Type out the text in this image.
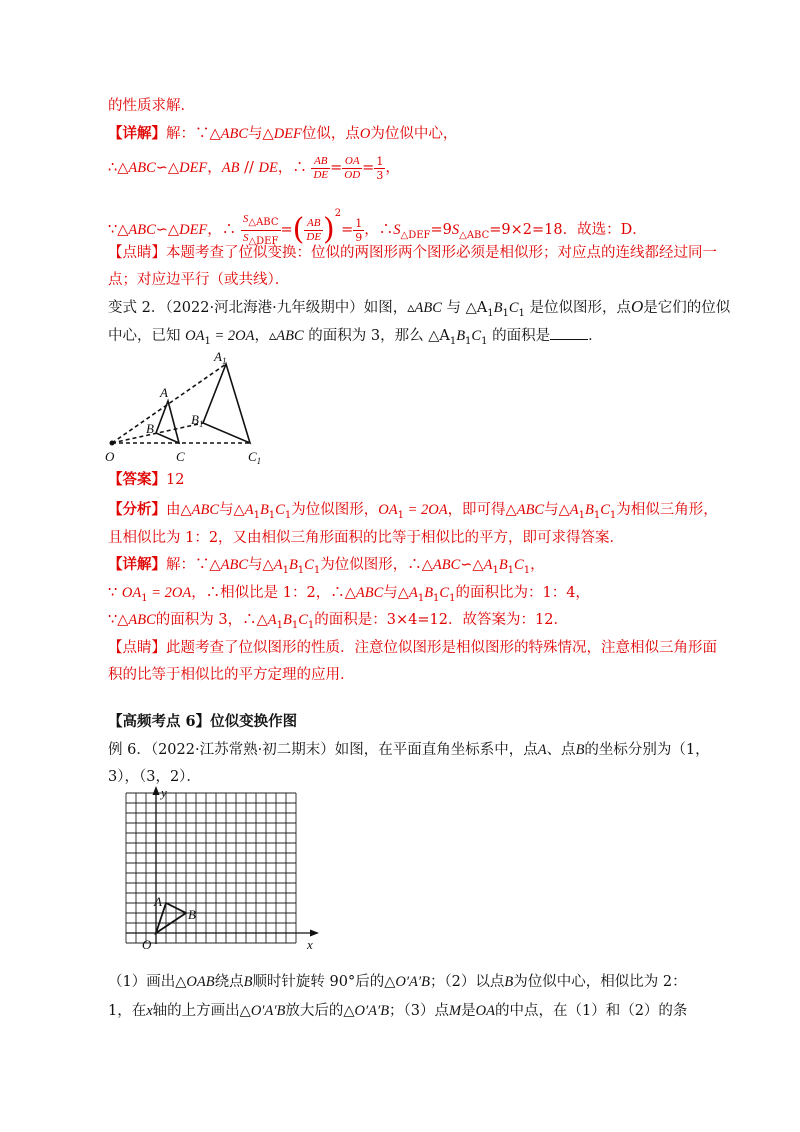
的性质求解．
【详解】解：∵△ABC与△DEF位似，点O为位似中心，
∴△ABC∽△DEF，AB // DE，∴ $\frac{AB}{DE} = \frac{OA}{OD} = \frac{1}{3}$ ，
∵△ABC∽△DEF，∴ $\frac{S_{\triangle ABC}}{S_{\triangle DEF}}$ =( $\frac{AB}{DE} )^2= \frac{1}{9}$ ，$\therefore S_{\triangle DEF}=9S_{\triangle ABC}=9\times 2=18$．故选：D．
【点睛】本题考查了位似变换：位似的两图形两个图形必须是相似形；对应点的连线都经过同一
点；对应边平行（或共线）．
变式 2．（2022·河北海港·九年级期中）如图，▵ABC 与 $\triangle A_1B_1C_1$ 是位似图形，点O是它们的位似
中心，已知 $OA_1 = 2OA$，▵ABC 的面积为 3，那么 $\triangle A_1B_1C_1$ 的面积是	．
$A_1$
A
B
$B_1$
O	C	$C_1$
【答案】12
【分析】由△ABC与$\triangle A_1B_1C_1$为位似图形，$OA_1 = 2OA$，即可得△ABC与$\triangle A_1B_1C_1$为相似三角形，
且相似比为 1：2，又由相似三角形面积的比等于相似比的平方，即可求得答案．
【详解】解：∵△ABC与$\triangle A_1B_1C_1$为位似图形，$\therefore\triangle ABC∽\triangle A_1B_1C_1$，
∵ $OA_1 = 2OA$，∴相似比是 1：2，∴△ABC与$\triangle A_1B_1C_1$的面积比为：1：4，
∵△ABC的面积为 3，$\therefore\triangle A_1B_1C_1$的面积是：3×4=12．故答案为：12．
【点睛】此题考查了位似图形的性质．注意位似图形是相似图形的特殊情况，注意相似三角形面
积的比等于相似比的平方定理的应用．
【高频考点 6】位似变换作图
例 6．（2022·江苏常熟·初二期末）如图，在平面直角坐标系中，点A、点B的坐标分别为（1，
3），（3，2）．
y
x
O
A
B
（1）画出△OAB绕点B顺时针旋转 90°后的△O′A′B；（2）以点B为位似中心，相似比为 2：
1，在x轴的上方画出△O′A′B放大后的△O′A′B；（3）点M是OA的中点，在（1）和（2）的条
